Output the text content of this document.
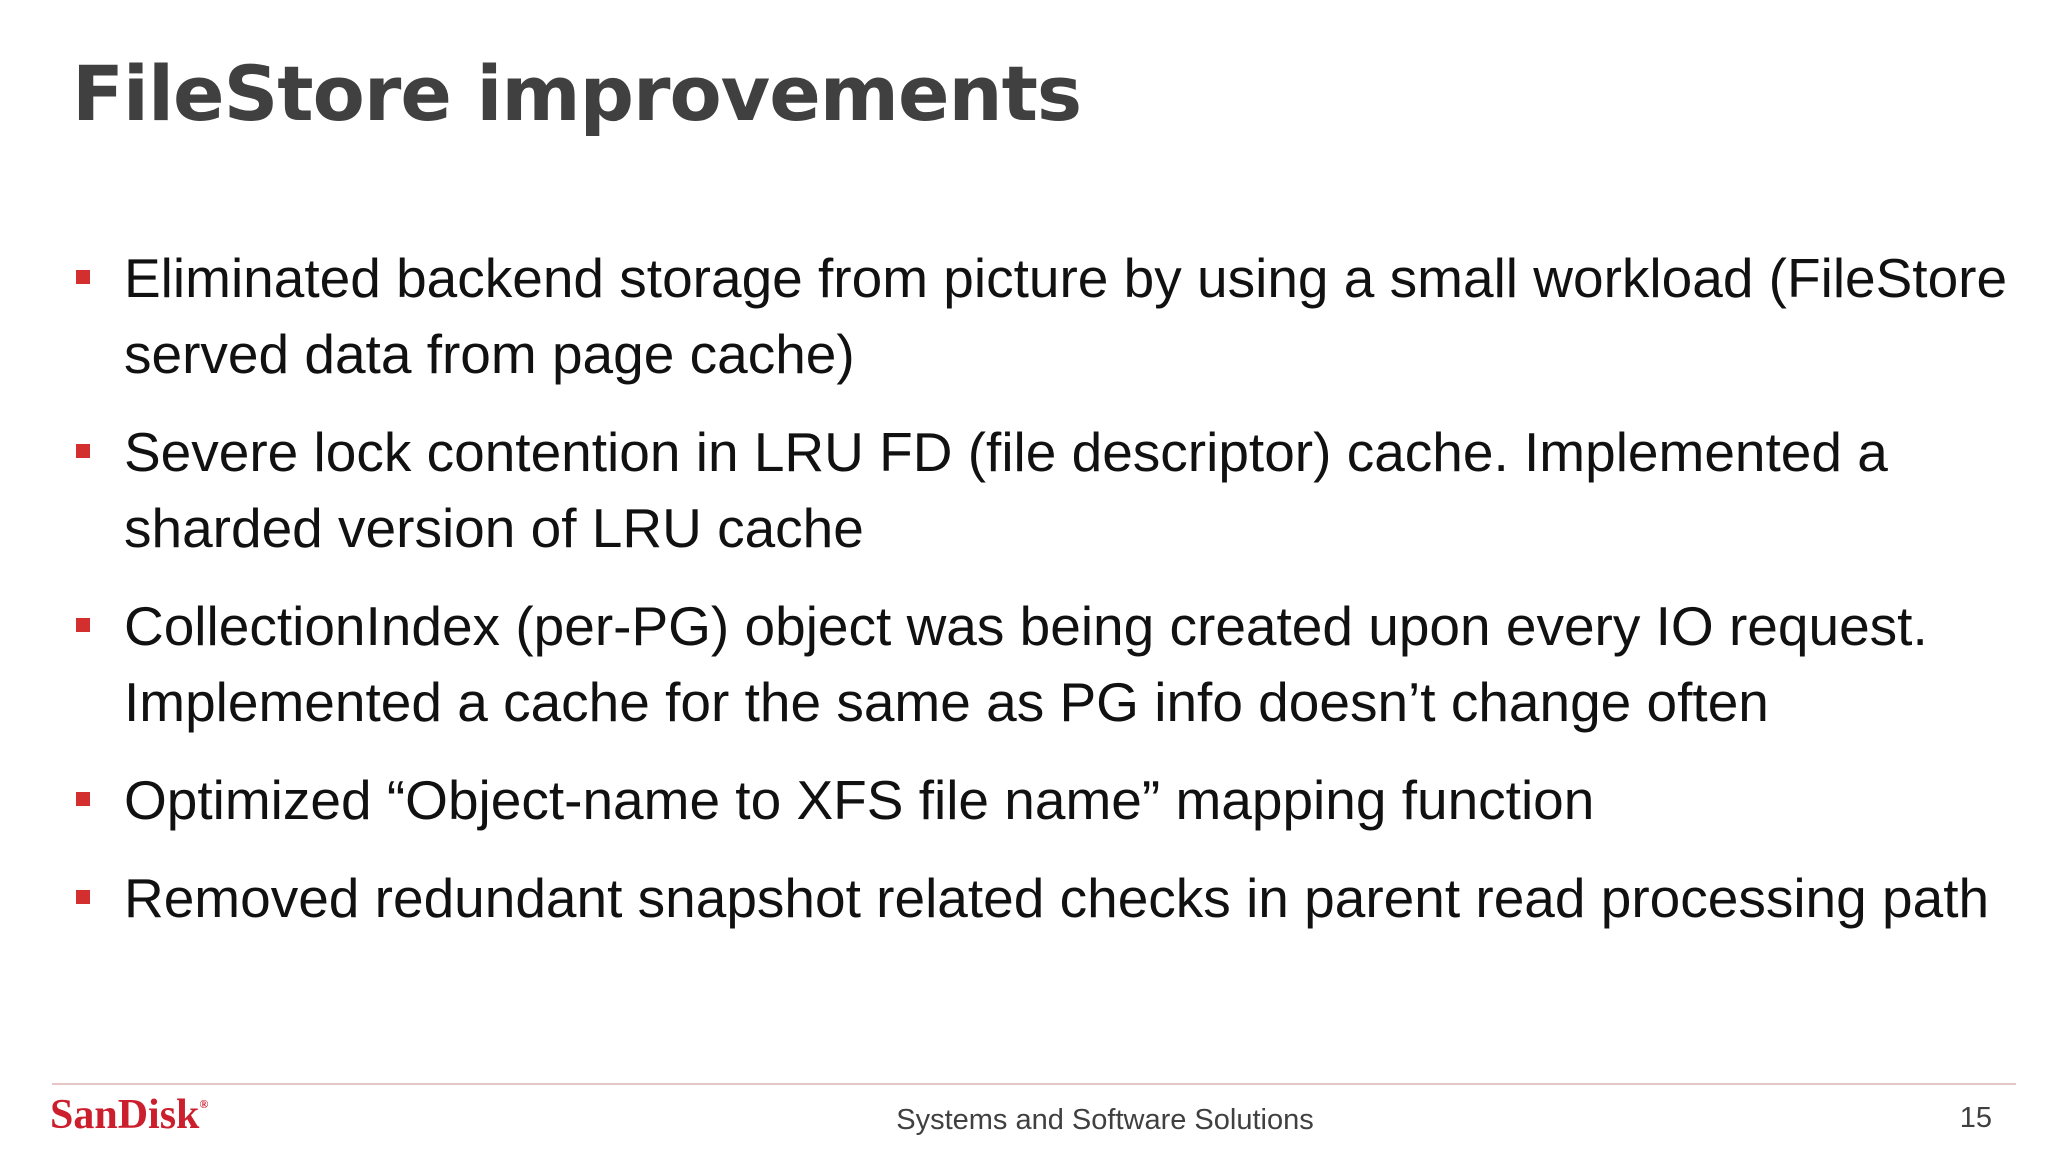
FileStore improvements
Eliminated backend storage from picture by using a small workload (FileStore served data from page cache)
Severe lock contention in LRU FD (file descriptor) cache. Implemented a sharded version of LRU cache
CollectionIndex (per-PG) object was being created upon every IO request. Implemented a cache for the same as PG info doesn’t change often
Optimized “Object-name to XFS file name” mapping function
Removed redundant snapshot related checks in parent read processing path
SanDisk®	Systems and Software Solutions	15
